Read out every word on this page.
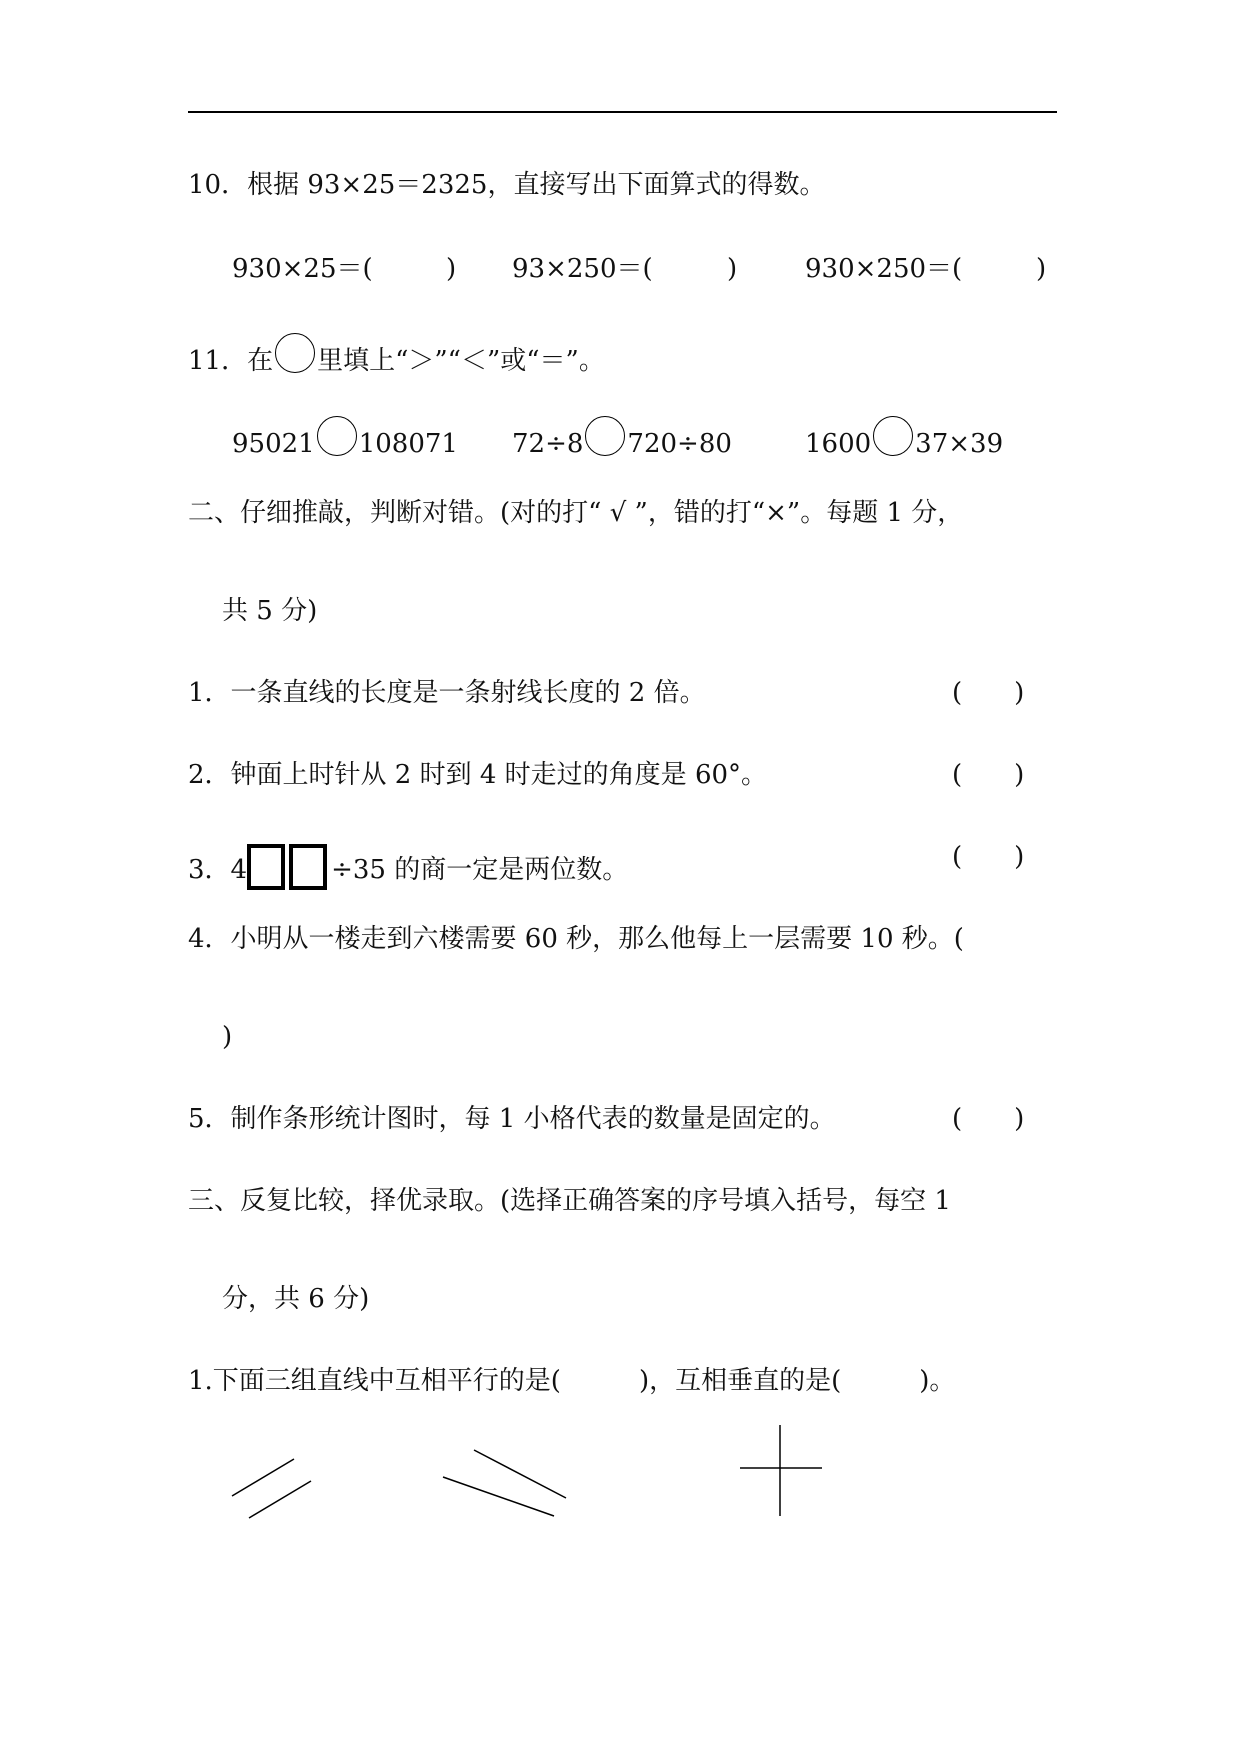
10．根据 93×25＝2325，直接写出下面算式的得数。
930×25＝(	) 93×250＝(	)	930×250＝(	)
11．在 里填上“＞”“＜”或“＝”。
95021 108071 72÷8 720÷80	1600 37×39
二、仔细推敲，判断对错。(对的打“ √ ”，错的打“×”。每题 1 分，
共 5 分)
1．一条直线的长度是一条射线长度的 2 倍。	(　　)
2．钟面上时针从 2 时到 4 时走过的角度是 60°。	(　　)
3．4	÷35 的商一定是两位数。	(　　)
4．小明从一楼走到六楼需要 60 秒，那么他每上一层需要 10 秒。(
)
5．制作条形统计图时，每 1 小格代表的数量是固定的。	(　　)
三、反复比较，择优录取。(选择正确答案的序号填入括号，每空 1
分，共 6 分)
1.下面三组直线中互相平行的是(　　　)，互相垂直的是(　　　)。
